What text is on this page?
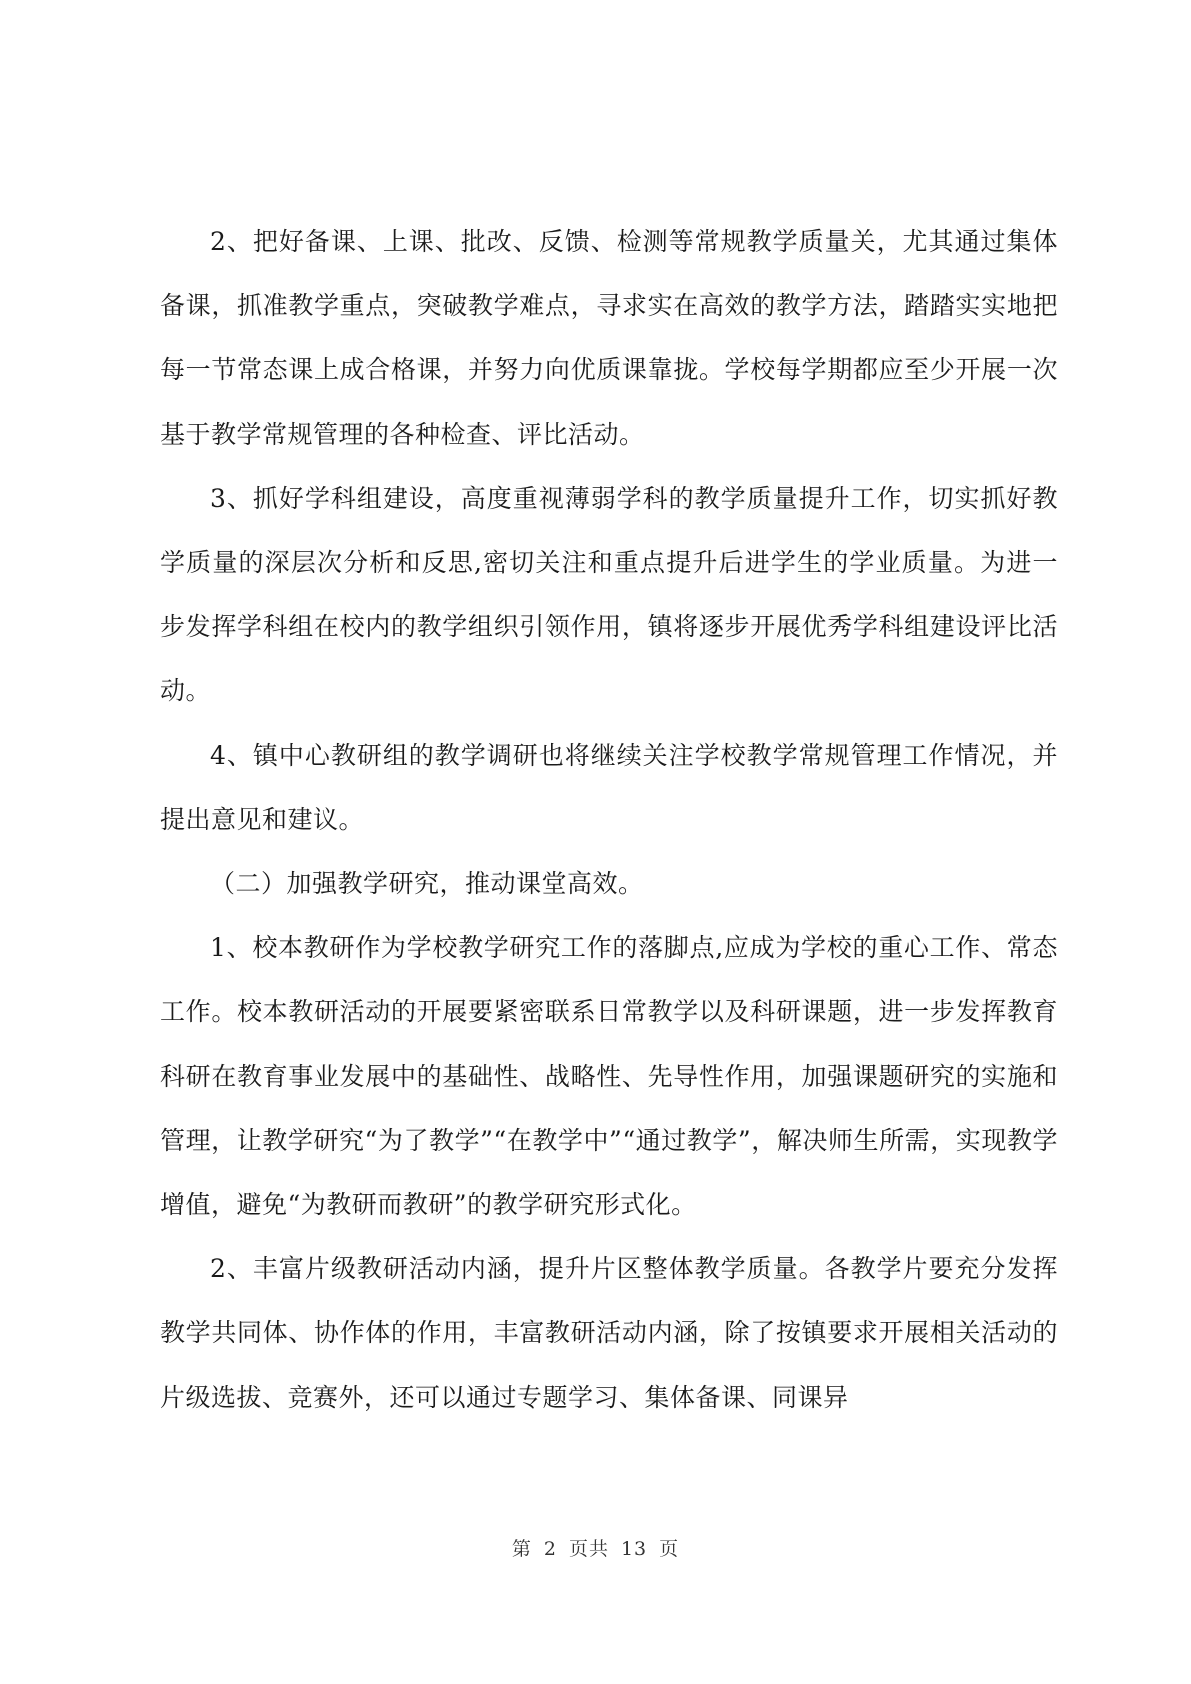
2、把好备课、上课、批改、反馈、检测等常规教学质量关，尤其通过集体备课，抓准教学重点，突破教学难点，寻求实在高效的教学方法，踏踏实实地把每一节常态课上成合格课，并努力向优质课靠拢。学校每学期都应至少开展一次基于教学常规管理的各种检查、评比活动。

3、抓好学科组建设，高度重视薄弱学科的教学质量提升工作，切实抓好教学质量的深层次分析和反思,密切关注和重点提升后进学生的学业质量。为进一步发挥学科组在校内的教学组织引领作用，镇将逐步开展优秀学科组建设评比活动。

4、镇中心教研组的教学调研也将继续关注学校教学常规管理工作情况，并提出意见和建议。

（二）加强教学研究，推动课堂高效。

1、校本教研作为学校教学研究工作的落脚点,应成为学校的重心工作、常态工作。校本教研活动的开展要紧密联系日常教学以及科研课题，进一步发挥教育科研在教育事业发展中的基础性、战略性、先导性作用，加强课题研究的实施和管理，让教学研究“为了教学”“在教学中”“通过教学”，解决师生所需，实现教学增值，避免“为教研而教研”的教学研究形式化。

2、丰富片级教研活动内涵，提升片区整体教学质量。各教学片要充分发挥教学共同体、协作体的作用，丰富教研活动内涵，除了按镇要求开展相关活动的片级选拔、竞赛外，还可以通过专题学习、集体备课、同课异

第 2 页共 13 页
